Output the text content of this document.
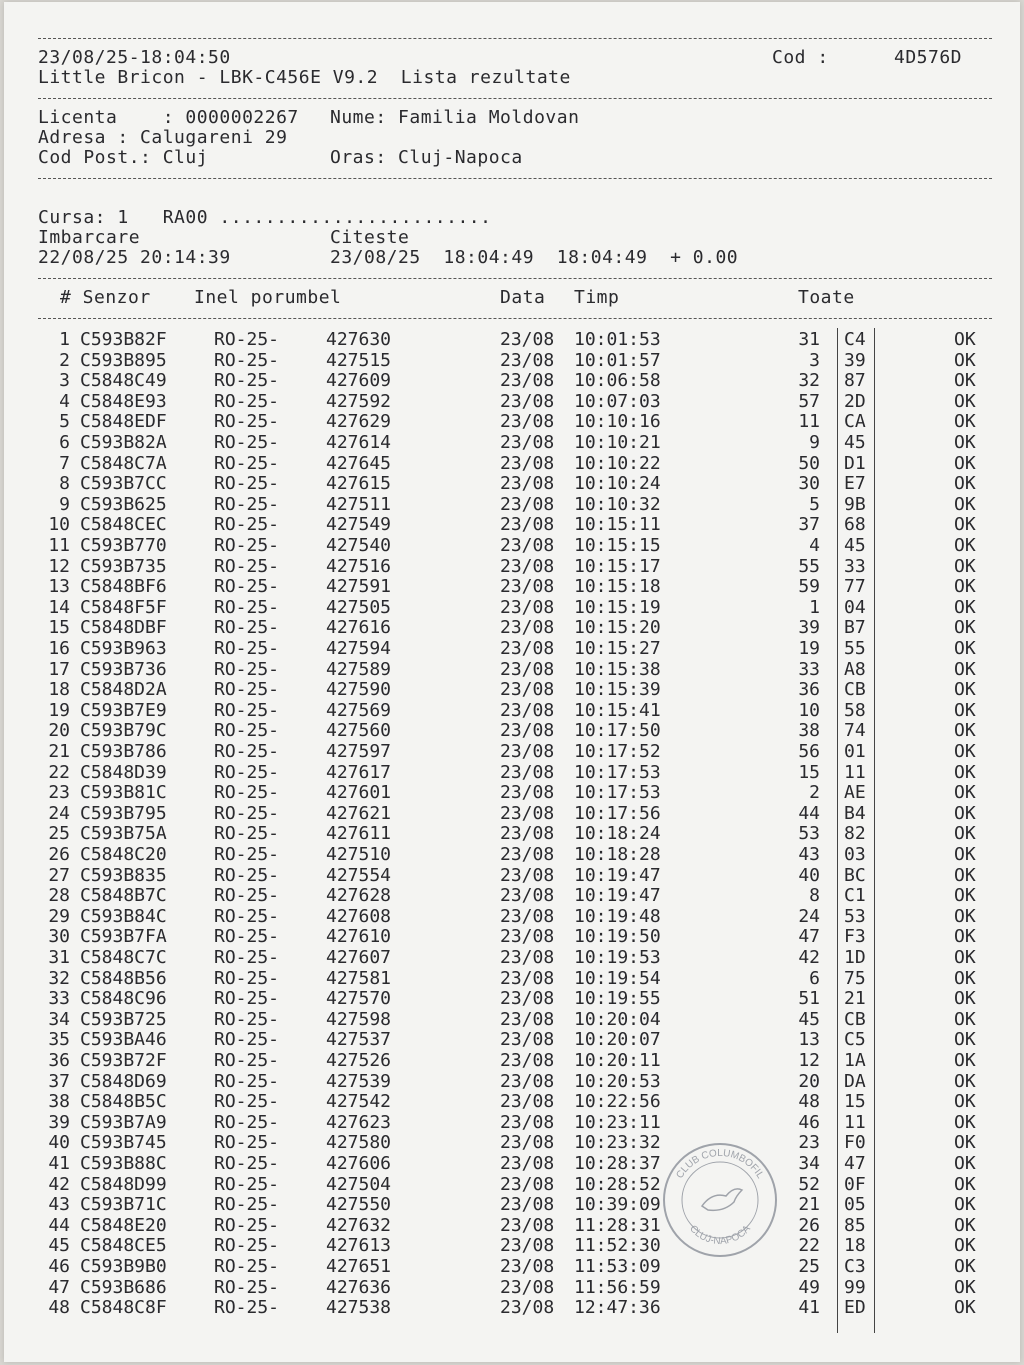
23/08/25-18:04:50	Cod :	4D576D
Little Bricon - LBK-C456E V9.2  Lista rezultate
Licenta    : 0000002267 Nume: Familia Moldovan
Adresa : Calugareni 29
Cod Post.: Cluj	Oras: Cluj-Napoca
Cursa: 1   RA00 ........................
Imbarcare	Citeste
22/08/25 20:14:39	23/08/25  18:04:49  18:04:49  + 0.00
# Senzor Inel porumbel	Data Timp	Toate
1 C593B82F	RO-25-	427630	23/08 10:01:53	31 C4	OK
2 C593B895	RO-25-	427515	23/08 10:01:57	3 39	OK
3 C5848C49	RO-25-	427609	23/08 10:06:58	32 87	OK
4 C5848E93	RO-25-	427592	23/08 10:07:03	57 2D	OK
5 C5848EDF	RO-25-	427629	23/08 10:10:16	11 CA	OK
6 C593B82A	RO-25-	427614	23/08 10:10:21	9 45	OK
7 C5848C7A	RO-25-	427645	23/08 10:10:22	50 D1	OK
8 C593B7CC	RO-25-	427615	23/08 10:10:24	30 E7	OK
9 C593B625	RO-25-	427511	23/08 10:10:32	5 9B	OK
10 C5848CEC	RO-25-	427549	23/08 10:15:11	37 68	OK
11 C593B770	RO-25-	427540	23/08 10:15:15	4 45	OK
12 C593B735	RO-25-	427516	23/08 10:15:17	55 33	OK
13 C5848BF6	RO-25-	427591	23/08 10:15:18	59 77	OK
14 C5848F5F	RO-25-	427505	23/08 10:15:19	1 04	OK
15 C5848DBF	RO-25-	427616	23/08 10:15:20	39 B7	OK
16 C593B963	RO-25-	427594	23/08 10:15:27	19 55	OK
17 C593B736	RO-25-	427589	23/08 10:15:38	33 A8	OK
18 C5848D2A	RO-25-	427590	23/08 10:15:39	36 CB	OK
19 C593B7E9	RO-25-	427569	23/08 10:15:41	10 58	OK
20 C593B79C	RO-25-	427560	23/08 10:17:50	38 74	OK
21 C593B786	RO-25-	427597	23/08 10:17:52	56 01	OK
22 C5848D39	RO-25-	427617	23/08 10:17:53	15 11	OK
23 C593B81C	RO-25-	427601	23/08 10:17:53	2 AE	OK
24 C593B795	RO-25-	427621	23/08 10:17:56	44 B4	OK
25 C593B75A	RO-25-	427611	23/08 10:18:24	53 82	OK
26 C5848C20	RO-25-	427510	23/08 10:18:28	43 03	OK
27 C593B835	RO-25-	427554	23/08 10:19:47	40 BC	OK
28 C5848B7C	RO-25-	427628	23/08 10:19:47	8 C1	OK
29 C593B84C	RO-25-	427608	23/08 10:19:48	24 53	OK
30 C593B7FA	RO-25-	427610	23/08 10:19:50	47 F3	OK
31 C5848C7C	RO-25-	427607	23/08 10:19:53	42 1D	OK
32 C5848B56	RO-25-	427581	23/08 10:19:54	6 75	OK
33 C5848C96	RO-25-	427570	23/08 10:19:55	51 21	OK
34 C593B725	RO-25-	427598	23/08 10:20:04	45 CB	OK
35 C593BA46	RO-25-	427537	23/08 10:20:07	13 C5	OK
36 C593B72F	RO-25-	427526	23/08 10:20:11	12 1A	OK
37 C5848D69	RO-25-	427539	23/08 10:20:53	20 DA	OK
38 C5848B5C	RO-25-	427542	23/08 10:22:56	48 15	OK
39 C593B7A9	RO-25-	427623	23/08 10:23:11	46 11	OK
40 C593B745	RO-25-	427580	23/08 10:23:32	23 F0	OK
41 C593B88C	RO-25-	427606	23/08 10:28:37	34 47	OK
42 C5848D99	RO-25-	427504	23/08 10:28:52	52 0F	OK
43 C593B71C	RO-25-	427550	23/08 10:39:09	21 05	OK
44 C5848E20	RO-25-	427632	23/08 11:28:31	26 85	OK
45 C5848CE5	RO-25-	427613	23/08 11:52:30	22 18	OK
46 C593B9B0	RO-25-	427651	23/08 11:53:09	25 C3	OK
47 C593B686	RO-25-	427636	23/08 11:56:59	49 99	OK
48 C5848C8F	RO-25-	427538	23/08 12:47:36	41 ED	OK
CLUB COLUMBOFIL
CLUJ-NAPOCA
